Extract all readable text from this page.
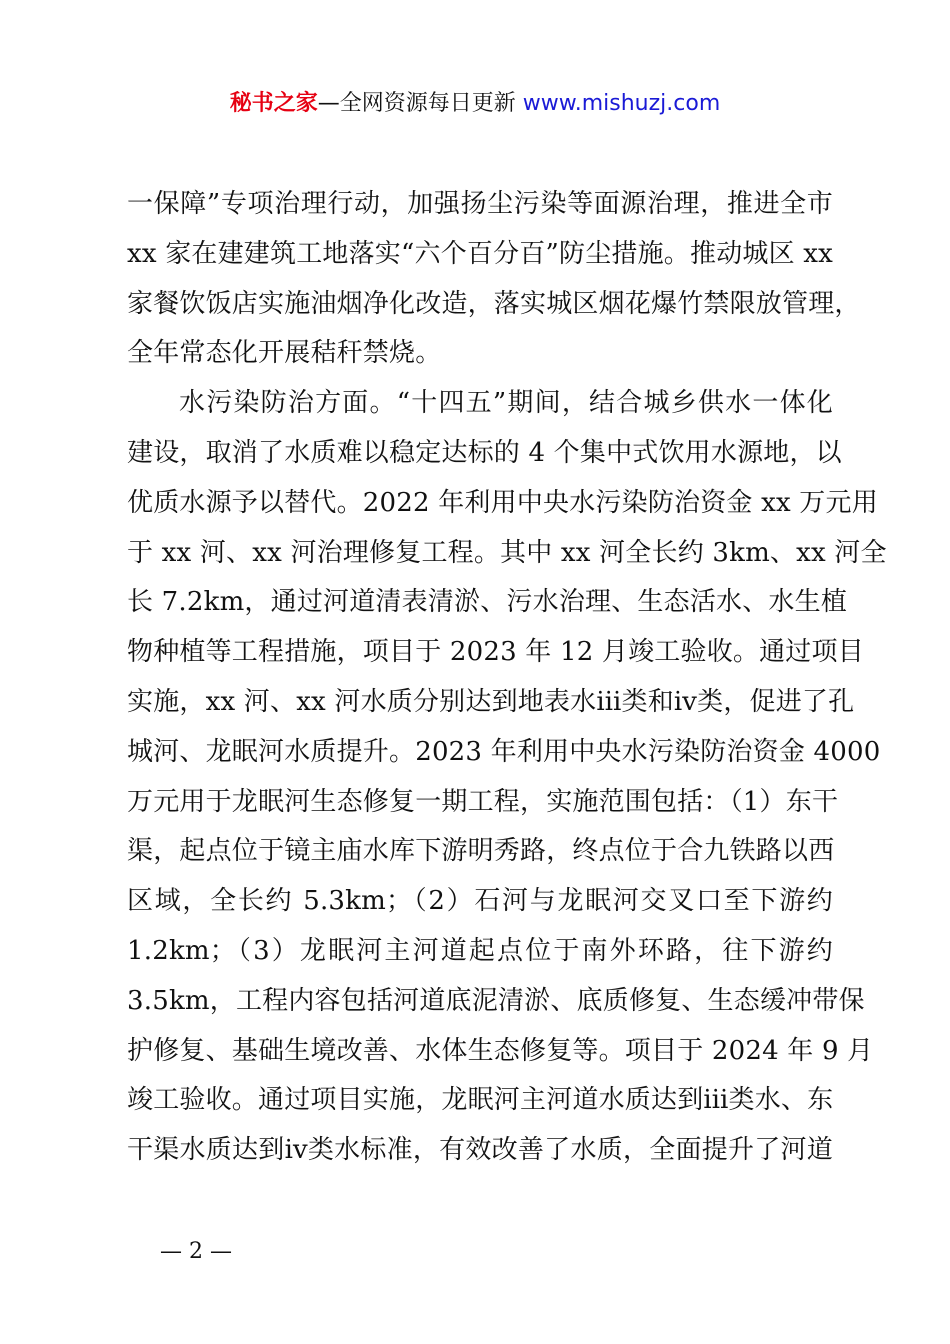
秘书之家—全网资源每日更新 www.mishuzj.com
一保障”专项治理行动，加强扬尘污染等面源治理，推进全市
xx 家在建建筑工地落实“六个百分百”防尘措施。推动城区 xx
家餐饮饭店实施油烟净化改造，落实城区烟花爆竹禁限放管理，
全年常态化开展秸秆禁烧。
水污染防治方面。“十四五”期间，结合城乡供水一体化
建设，取消了水质难以稳定达标的 4 个集中式饮用水源地，以
优质水源予以替代。2022 年利用中央水污染防治资金 xx 万元用
于 xx 河、xx 河治理修复工程。其中 xx 河全长约 3km、xx 河全
长 7.2km，通过河道清表清淤、污水治理、生态活水、水生植
物种植等工程措施，项目于 2023 年 12 月竣工验收。通过项目
实施，xx 河、xx 河水质分别达到地表水ⅲ类和ⅳ类，促进了孔
城河、龙眠河水质提升。2023 年利用中央水污染防治资金 4000
万元用于龙眠河生态修复一期工程，实施范围包括：（1）东干
渠，起点位于镜主庙水库下游明秀路，终点位于合九铁路以西
区域，全长约 5.3km；（2）石河与龙眠河交叉口至下游约
1.2km；（3）龙眠河主河道起点位于南外环路，往下游约
3.5km，工程内容包括河道底泥清淤、底质修复、生态缓冲带保
护修复、基础生境改善、水体生态修复等。项目于 2024 年 9 月
竣工验收。通过项目实施，龙眠河主河道水质达到ⅲ类水、东
干渠水质达到ⅳ类水标准，有效改善了水质，全面提升了河道
— 2 —
